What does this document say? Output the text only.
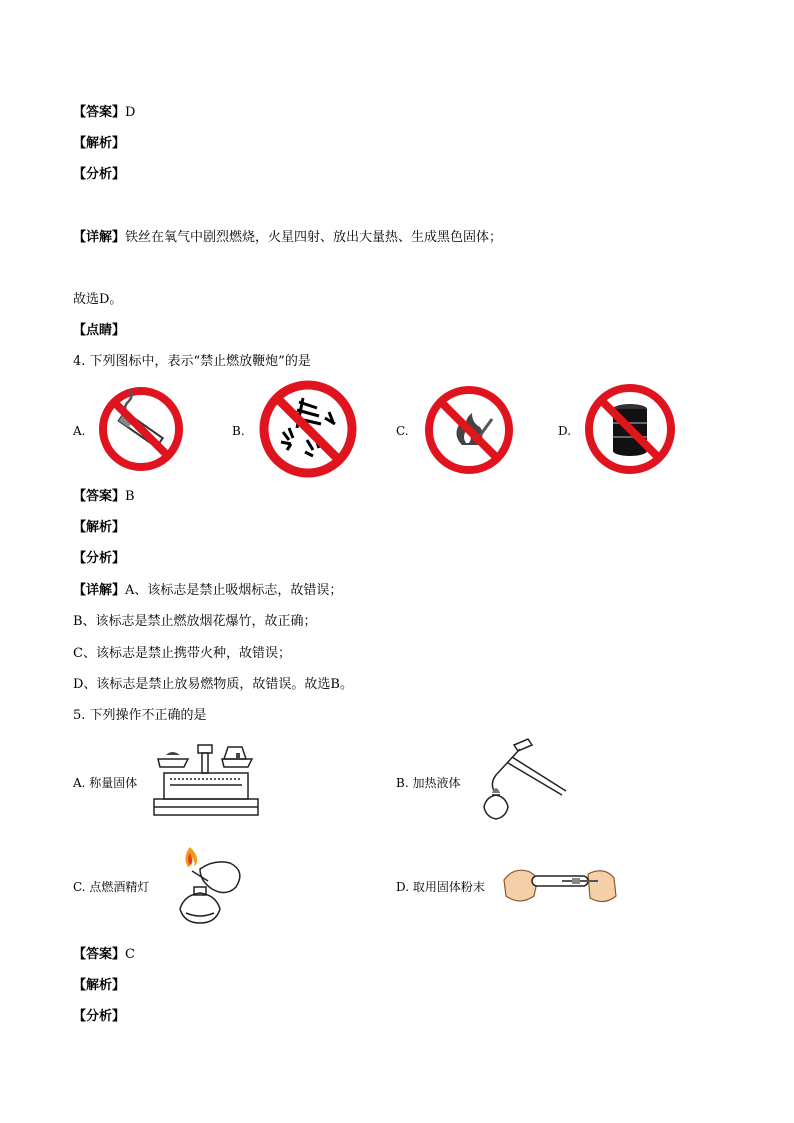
【答案】D
【解析】
【分析】
【详解】铁丝在氧气中剧烈燃烧，火星四射、放出大量热、生成黑色固体；
故选D。
【点睛】
4. 下列图标中，表示“禁止燃放鞭炮”的是
A.	B.	C.	D.
【答案】B
【解析】
【分析】
【详解】A、该标志是禁止吸烟标志，故错误；
B、该标志是禁止燃放烟花爆竹，故正确；
C、该标志是禁止携带火种，故错误；
D、该标志是禁止放易燃物质，故错误。故选B。
5. 下列操作不正确的是
A. 称量固体	B. 加热液体
C. 点燃酒精灯	D. 取用固体粉末
【答案】C
【解析】
【分析】
